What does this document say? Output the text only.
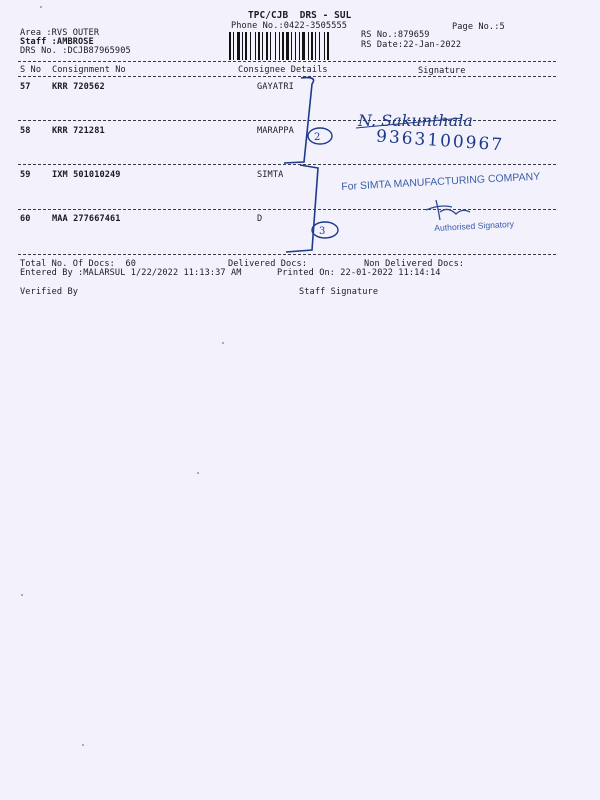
TPC/CJB  DRS - SUL
Phone No.:0422-3505555
Area :RVS OUTER
Staff :AMBROSE
DRS No. :DCJB87965905
RS No.:879659
RS Date:22-Jan-2022
Page No.:5
S No Consignment No	Consignee Details	Signature
57 KRR 720562	GAYATRI
58 KRR 721281	MARAPPA
59 IXM 501010249	SIMTA
60 MAA 277667461	D
N. Sakunthala
9363100967
For SIMTA MANUFACTURING COMPANY
Authorised Signatory
2
3
Total No. Of Docs:  60	Delivered Docs:	Non Delivered Docs:
Entered By :MALARSUL 1/22/2022 11:13:37 AM	Printed On: 22-01-2022 11:14:14
Verified By	Staff Signature
